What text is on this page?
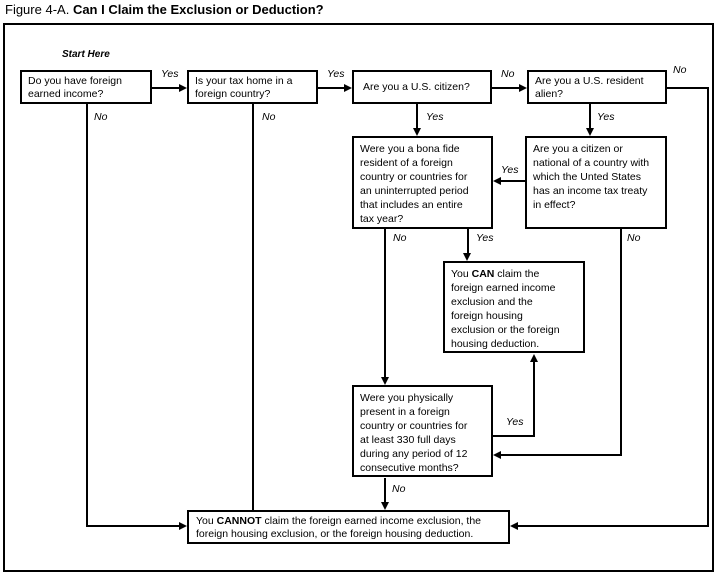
Figure 4-A. Can I Claim the Exclusion or Deduction?
Start Here
Do you have foreign
earned income?
Is your tax home in a
foreign country?
Are you a U.S. citizen?	Are you a U.S. resident
alien?
Were you a bona fide
resident of a foreign
country or countries for
an uninterrupted period
that includes an entire
tax year?
Are you a citizen or
national of a country with
which the Unted States
has an income tax treaty
in effect?
You CAN claim the
foreign earned income
exclusion and the
foreign housing
exclusion or the foreign
housing deduction.
Were you physically
present in a foreign
country or countries for
at least 330 full days
during any period of 12
consecutive months?
You CANNOT claim the foreign earned income exclusion, the
foreign housing exclusion, or the foreign housing deduction.
Yes	Yes	No	No
Yes	Yes
No	No
Yes
No	Yes	No
Yes
No
